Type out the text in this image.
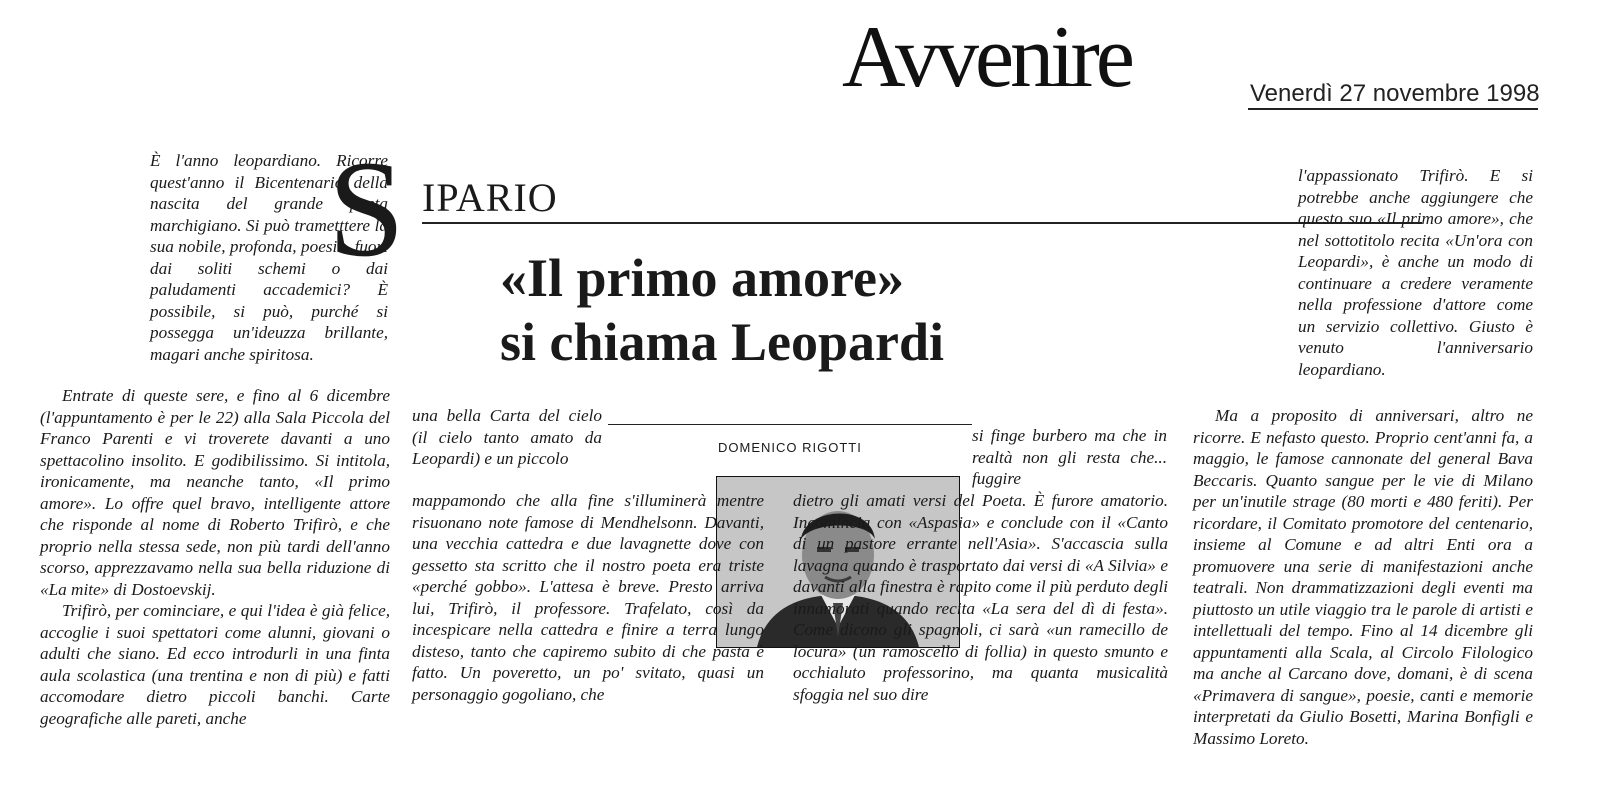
Avvenire	Venerdì 27 novembre 1998

È l'anno leopardiano. Ricorre quest'anno il Bicentenario della nascita del grande poeta marchigiano. Si può trametttere la sua nobile, profonda, poesia, fuori dai soliti schemi o dai paludamenti accademici? È possibile, si può, purché si possegga un'ideuzza brillante, magari anche spiritosa.

Entrate di queste sere, e fino al 6 dicembre (l'appuntamento è per le 22) alla Sala Piccola del Franco Parenti e vi troverete davanti a uno spettacolino insolito. E godibilissimo. Si intitola, ironicamente, ma neanche tanto, «Il primo amore». Lo offre quel bravo, intelligente attore che risponde al nome di Roberto Trifirò, e che proprio nella stessa sede, non più tardi dell'anno scorso, apprezzavamo nella sua bella riduzione di «La mite» di Dostoevskij.

Trifirò, per cominciare, e qui l'idea è già felice, accoglie i suoi spettatori come alunni, giovani o adulti che siano. Ed ecco introdurli in una finta aula scolastica (una trentina e non di più) e fatti accomodare dietro piccoli banchi. Carte geografiche alle pareti, anche

S IPARIO
«Il primo amore»
si chiama Leopardi
DOMENICO RIGOTTI

una bella Carta del cielo (il cielo tanto amato da Leopardi) e un piccolo

mappamondo che alla fine s'illuminerà mentre risuonano note famose di Mendhelsonn. Davanti, una vecchia cattedra e due lavagnette dove con gessetto sta scritto che il nostro poeta era triste «perché gobbo». L'attesa è breve. Presto arriva lui, Trifirò, il professore. Trafelato, così da incespicare nella cattedra e finire a terra lungo disteso, tanto che capiremo subito di che pasta è fatto. Un poveretto, un po' svitato, quasi un personaggio gogoliano, che

si finge burbero ma che in realtà non gli resta che... fuggire

dietro gli amati versi del Poeta. È furore amatorio. Incomincia con «Aspasia» e conclude con il «Canto di un pastore errante nell'Asia». S'accascia sulla lavagna quando è trasportato dai versi di «A Silvia» e davanti alla finestra è rapito come il più perduto degli innamorati quando recita «La sera del dì di festa». Come dicono gli spagnoli, ci sarà «un ramecillo de locura» (un ramoscello di follia) in questo smunto e occhialuto professorino, ma quanta musicalità sfoggia nel suo dire

l'appassionato Trifirò. E si potrebbe anche aggiungere che questo suo «Il primo amore», che nel sottotitolo recita «Un'ora con Leopardi», è anche un modo di continuare a credere veramente nella professione d'attore come un servizio collettivo. Giusto è venuto l'anniversario leopardiano.

Ma a proposito di anniversari, altro ne ricorre. E nefasto questo. Proprio cent'anni fa, a maggio, le famose cannonate del general Bava Beccaris. Quanto sangue per le vie di Milano per un'inutile strage (80 morti e 480 feriti). Per ricordare, il Comitato promotore del centenario, insieme al Comune e ad altri Enti ora a promuovere una serie di manifestazioni anche teatrali. Non drammatizzazioni degli eventi ma piuttosto un utile viaggio tra le parole di artisti e intellettuali del tempo. Fino al 14 dicembre gli appuntamenti alla Scala, al Circolo Filologico ma anche al Carcano dove, domani, è di scena «Primavera di sangue», poesie, canti e memorie interpretati da Giulio Bosetti, Marina Bonfigli e Massimo Loreto.
